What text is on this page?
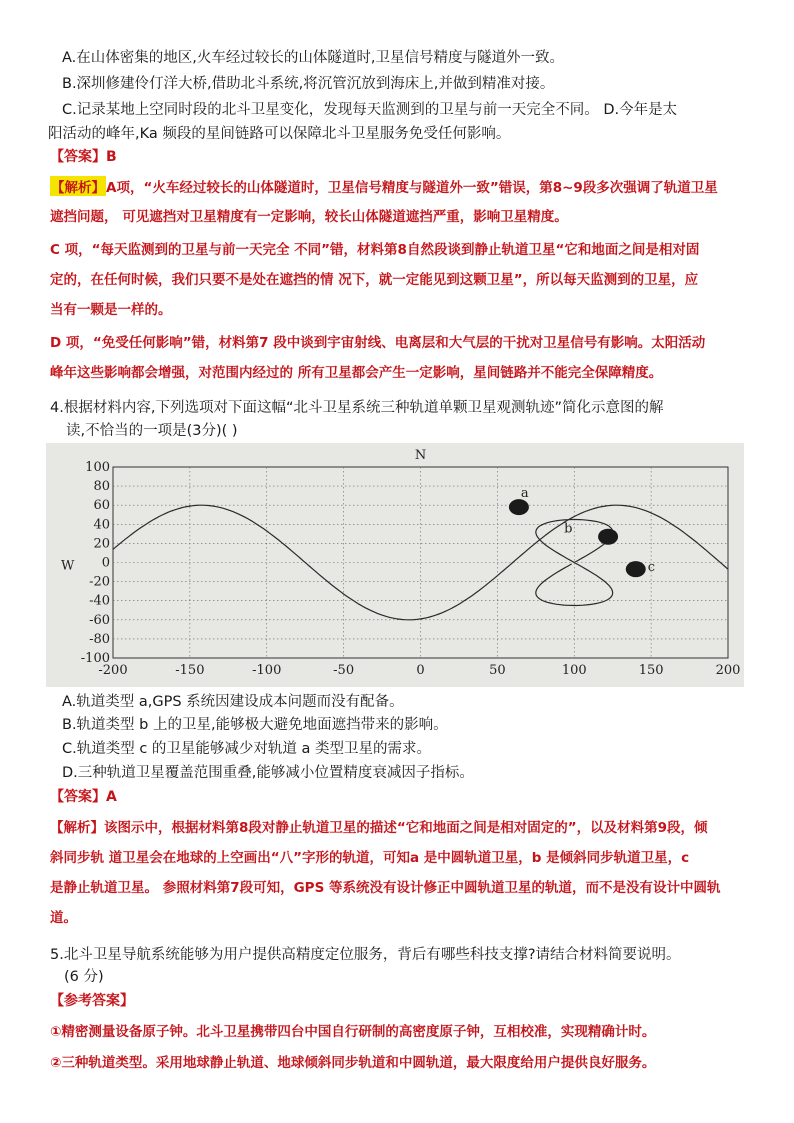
A.在山体密集的地区,火车经过较长的山体隧道时,卫星信号精度与隧道外一致。
B.深圳修建伶仃洋大桥,借助北斗系统,将沉管沉放到海床上,并做到精准对接。
C.记录某地上空同时段的北斗卫星变化，发现每天监测到的卫星与前一天完全不同。 D.今年是太
阳活动的峰年,Ka 频段的星间链路可以保障北斗卫星服务免受任何影响。
【答案】B
【解析】A项，“火车经过较长的山体隧道时，卫星信号精度与隧道外一致”错误，第8~9段多次强调了轨道卫星
遮挡问题， 可见遮挡对卫星精度有一定影响，较长山体隧道遮挡严重，影响卫星精度。
C 项，“每天监测到的卫星与前一天完全 不同”错，材料第8自然段谈到静止轨道卫星“它和地面之间是相对固
定的，在任何时候，我们只要不是处在遮挡的情 况下，就一定能见到这颗卫星”，所以每天监测到的卫星，应
当有一颗是一样的。
D 项，“免受任何影响”错，材料第7 段中谈到宇宙射线、电离层和大气层的干扰对卫星信号有影响。太阳活动
峰年这些影响都会增强，对范围内经过的 所有卫星都会产生一定影响，星间链路并不能完全保障精度。
4.根据材料内容,下列选项对下面这幅“北斗卫星系统三种轨道单颗卫星观测轨迹”简化示意图的解
读,不恰当的一项是(3分)( )
100
80
60
40
20
0
-20
-40
-60
-80
-100
-200	-150	-100	-50	0	50	100	150	200
N
W
a
b
c
A.轨道类型 a,GPS 系统因建设成本问题而没有配备。
B.轨道类型 b 上的卫星,能够极大避免地面遮挡带来的影响。
C.轨道类型 c 的卫星能够减少对轨道 a 类型卫星的需求。
D.三种轨道卫星覆盖范围重叠,能够减小位置精度衰减因子指标。
【答案】A
【解析】该图示中，根据材料第8段对静止轨道卫星的描述“它和地面之间是相对固定的”，以及材料第9段，倾
斜同步轨 道卫星会在地球的上空画出“八”字形的轨道，可知a 是中圆轨道卫星，b 是倾斜同步轨道卫星，c
是静止轨道卫星。 参照材料第7段可知，GPS 等系统没有设计修正中圆轨道卫星的轨道，而不是没有设计中圆轨
道。
5.北斗卫星导航系统能够为用户提供高精度定位服务，背后有哪些科技支撑?请结合材料简要说明。
(6 分)
【参考答案】
①精密测量设备原子钟。北斗卫星携带四台中国自行研制的高密度原子钟，互相校准，实现精确计时。
②三种轨道类型。采用地球静止轨道、地球倾斜同步轨道和中圆轨道，最大限度给用户提供良好服务。
